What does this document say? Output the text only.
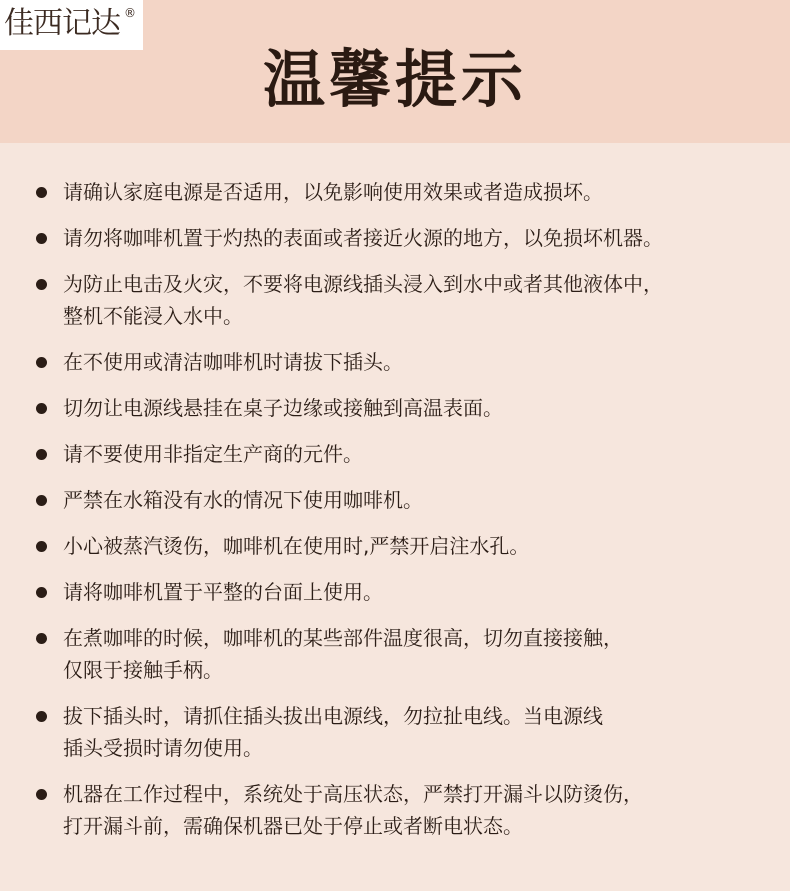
佳西记达 ®
温馨提示
请确认家庭电源是否适用，以免影响使用效果或者造成损坏。
请勿将咖啡机置于灼热的表面或者接近火源的地方，以免损坏机器。
为防止电击及火灾，不要将电源线插头浸入到水中或者其他液体中，
整机不能浸入水中。
在不使用或清洁咖啡机时请拔下插头。
切勿让电源线悬挂在桌子边缘或接触到高温表面。
请不要使用非指定生产商的元件。
严禁在水箱没有水的情况下使用咖啡机。
小心被蒸汽烫伤，咖啡机在使用时,严禁开启注水孔。
请将咖啡机置于平整的台面上使用。
在煮咖啡的时候，咖啡机的某些部件温度很高，切勿直接接触，
仅限于接触手柄。
拔下插头时，请抓住插头拔出电源线，勿拉扯电线。当电源线
插头受损时请勿使用。
机器在工作过程中，系统处于高压状态，严禁打开漏斗以防烫伤，
打开漏斗前，需确保机器已处于停止或者断电状态。
